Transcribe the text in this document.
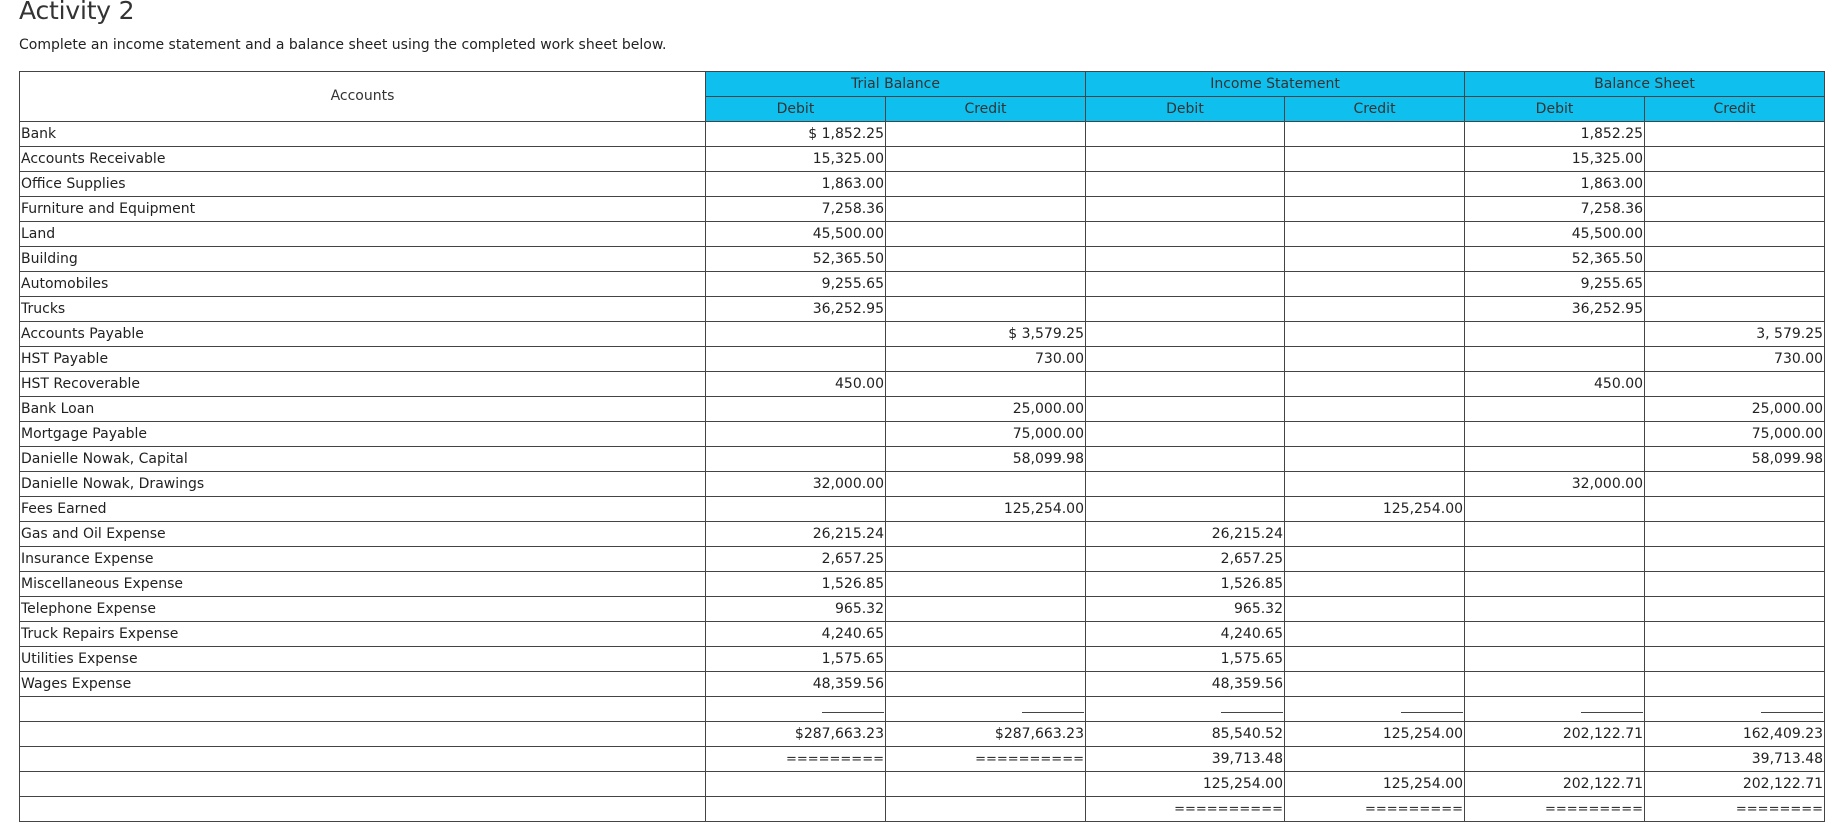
Activity 2

Complete an income statement and a balance sheet using the completed work sheet below.

Accounts	Trial Balance		Income Statement		Balance Sheet	
	Debit	Credit	Debit	Credit	Debit	Credit
Bank	$ 1,852.25				1,852.25	
Accounts Receivable	15,325.00				15,325.00	
Office Supplies	1,863.00				1,863.00	
Furniture and Equipment	7,258.36				7,258.36	
Land	45,500.00				45,500.00	
Building	52,365.50				52,365.50	
Automobiles	9,255.65				9,255.65	
Trucks	36,252.95				36,252.95	
Accounts Payable		$ 3,579.25				3, 579.25
HST Payable		730.00				730.00
HST Recoverable	450.00				450.00	
Bank Loan		25,000.00				25,000.00
Mortgage Payable		75,000.00				75,000.00
Danielle Nowak, Capital		58,099.98				58,099.98
Danielle Nowak, Drawings	32,000.00				32,000.00	
Fees Earned		125,254.00		125,254.00		
Gas and Oil Expense	26,215.24		26,215.24			
Insurance Expense	2,657.25		2,657.25			
Miscellaneous Expense	1,526.85		1,526.85			
Telephone Expense	965.32		965.32			
Truck Repairs Expense	4,240.65		4,240.65			
Utilities Expense	1,575.65		1,575.65			
Wages Expense	48,359.56		48,359.56			

	$287,663.23	$287,663.23	85,540.52	125,254.00	202,122.71	162,409.23
	=========	==========	39,713.48			39,713.48
			125,254.00	125,254.00	202,122.71	202,122.71
			==========	=========	=========	========
